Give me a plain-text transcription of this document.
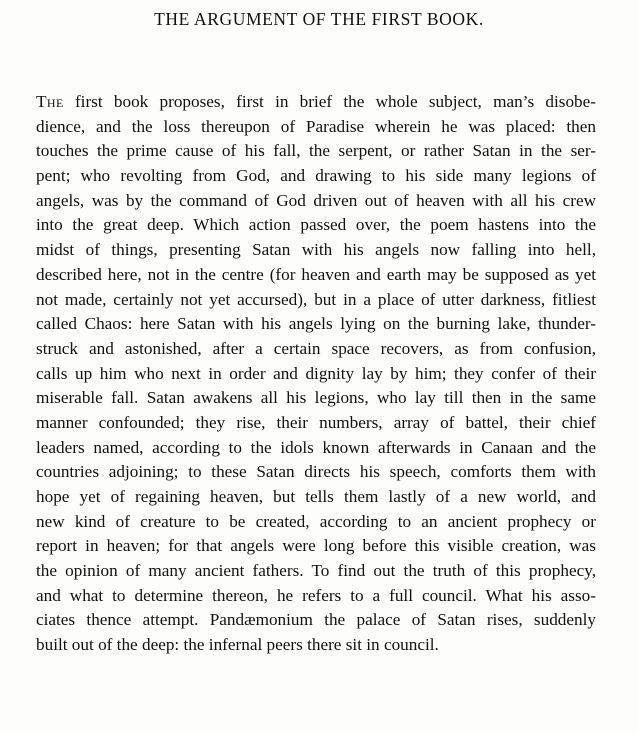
THE ARGUMENT OF THE FIRST BOOK.
The first book proposes, first in brief the whole subject, man’s disobe-
dience, and the loss thereupon of Paradise wherein he was placed: then
touches the prime cause of his fall, the serpent, or rather Satan in the ser-
pent; who revolting from God, and drawing to his side many legions of
angels, was by the command of God driven out of heaven with all his crew
into the great deep. Which action passed over, the poem hastens into the
midst of things, presenting Satan with his angels now falling into hell,
described here, not in the centre (for heaven and earth may be supposed as yet
not made, certainly not yet accursed), but in a place of utter darkness, fitliest
called Chaos: here Satan with his angels lying on the burning lake, thunder-
struck and astonished, after a certain space recovers, as from confusion,
calls up him who next in order and dignity lay by him; they confer of their
miserable fall. Satan awakens all his legions, who lay till then in the same
manner confounded; they rise, their numbers, array of battel, their chief
leaders named, according to the idols known afterwards in Canaan and the
countries adjoining; to these Satan directs his speech, comforts them with
hope yet of regaining heaven, but tells them lastly of a new world, and
new kind of creature to be created, according to an ancient prophecy or
report in heaven; for that angels were long before this visible creation, was
the opinion of many ancient fathers. To find out the truth of this prophecy,
and what to determine thereon, he refers to a full council. What his asso-
ciates thence attempt. Pandæmonium the palace of Satan rises, suddenly
built out of the deep: the infernal peers there sit in council.
